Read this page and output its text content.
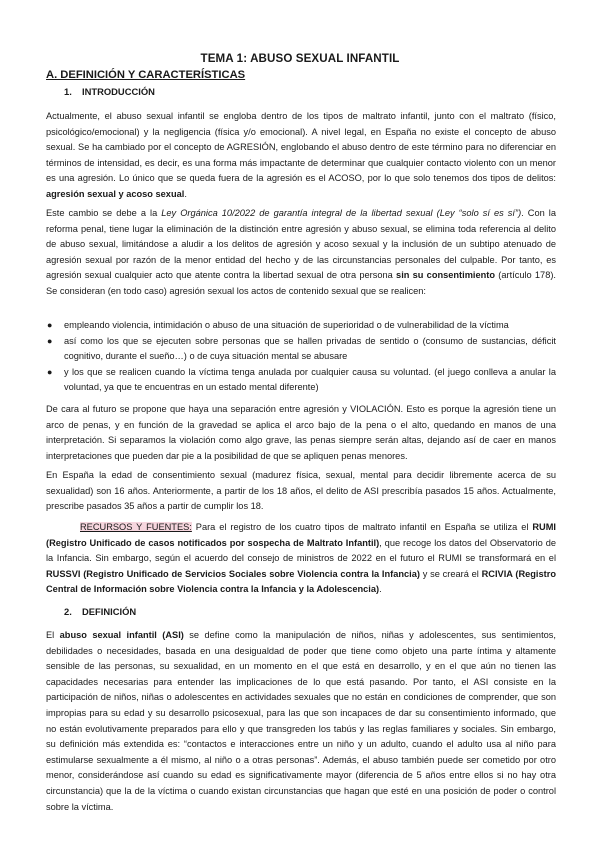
TEMA 1: ABUSO SEXUAL INFANTIL
A. DEFINICIÓN Y CARACTERÍSTICAS
1. INTRODUCCIÓN

Actualmente, el abuso sexual infantil se engloba dentro de los tipos de maltrato infantil, junto con el maltrato (físico, psicológico/emocional) y la negligencia (física y/o emocional). A nivel legal, en España no existe el concepto de abuso sexual. Se ha cambiado por el concepto de AGRESIÓN, englobando el abuso dentro de este término para no diferenciar en términos de intensidad, es decir, es una forma más impactante de determinar que cualquier contacto violento con un menor es una agresión. Lo único que se queda fuera de la agresión es el ACOSO, por lo que solo tenemos dos tipos de delitos: agresión sexual y acoso sexual.

Este cambio se debe a la Ley Orgánica 10/2022 de garantía integral de la libertad sexual (Ley “solo sí es sí”). Con la reforma penal, tiene lugar la eliminación de la distinción entre agresión y abuso sexual, se elimina toda referencia al delito de abuso sexual, limitándose a aludir a los delitos de agresión y acoso sexual y la inclusión de un subtipo atenuado de agresión sexual por razón de la menor entidad del hecho y de las circunstancias personales del culpable. Por tanto, es agresión sexual cualquier acto que atente contra la libertad sexual de otra persona sin su consentimiento (artículo 178). Se consideran (en todo caso) agresión sexual los actos de contenido sexual que se realicen:

● empleando violencia, intimidación o abuso de una situación de superioridad o de vulnerabilidad de la víctima
● así como los que se ejecuten sobre personas que se hallen privadas de sentido o (consumo de sustancias, déficit cognitivo, durante el sueño…) o de cuya situación mental se abusare
● y los que se realicen cuando la víctima tenga anulada por cualquier causa su voluntad. (el juego conlleva a anular la voluntad, ya que te encuentras en un estado mental diferente)

De cara al futuro se propone que haya una separación entre agresión y VIOLACIÓN. Esto es porque la agresión tiene un arco de penas, y en función de la gravedad se aplica el arco bajo de la pena o el alto, quedando en manos de una interpretación. Si separamos la violación como algo grave, las penas siempre serán altas, dejando así de caer en manos interpretaciones que pueden dar pie a la posibilidad de que se apliquen penas menores.

En España la edad de consentimiento sexual (madurez física, sexual, mental para decidir libremente acerca de su sexualidad) son 16 años. Anteriormente, a partir de los 18 años, el delito de ASI prescribía pasados 15 años. Actualmente, prescribe pasados 35 años a partir de cumplir los 18.

RECURSOS Y FUENTES: Para el registro de los cuatro tipos de maltrato infantil en España se utiliza el RUMI (Registro Unificado de casos notificados por sospecha de Maltrato Infantil), que recoge los datos del Observatorio de la Infancia. Sin embargo, según el acuerdo del consejo de ministros de 2022 en el futuro el RUMI se transformará en el RUSSVI (Registro Unificado de Servicios Sociales sobre Violencia contra la Infancia) y se creará el RCIVIA (Registro Central de Información sobre Violencia contra la Infancia y la Adolescencia).

2. DEFINICIÓN

El abuso sexual infantil (ASI) se define como la manipulación de niños, niñas y adolescentes, sus sentimientos, debilidades o necesidades, basada en una desigualdad de poder que tiene como objeto una parte íntima y altamente sensible de las personas, su sexualidad, en un momento en el que está en desarrollo, y en el que aún no tienen las capacidades necesarias para entender las implicaciones de lo que está pasando. Por tanto, el ASI consiste en la participación de niños, niñas o adolescentes en actividades sexuales que no están en condiciones de comprender, que son impropias para su edad y su desarrollo psicosexual, para las que son incapaces de dar su consentimiento informado, que no están evolutivamente preparados para ello y que transgreden los tabús y las reglas familiares y sociales. Sin embargo, su definición más extendida es: “contactos e interacciones entre un niño y un adulto, cuando el adulto usa al niño para estimularse sexualmente a él mismo, al niño o a otras personas”. Además, el abuso también puede ser cometido por otro menor, considerándose así cuando su edad es significativamente mayor (diferencia de 5 años entre ellos si no hay otra circunstancia) que la de la víctima o cuando existan circunstancias que hagan que esté en una posición de poder o control sobre la víctima.
